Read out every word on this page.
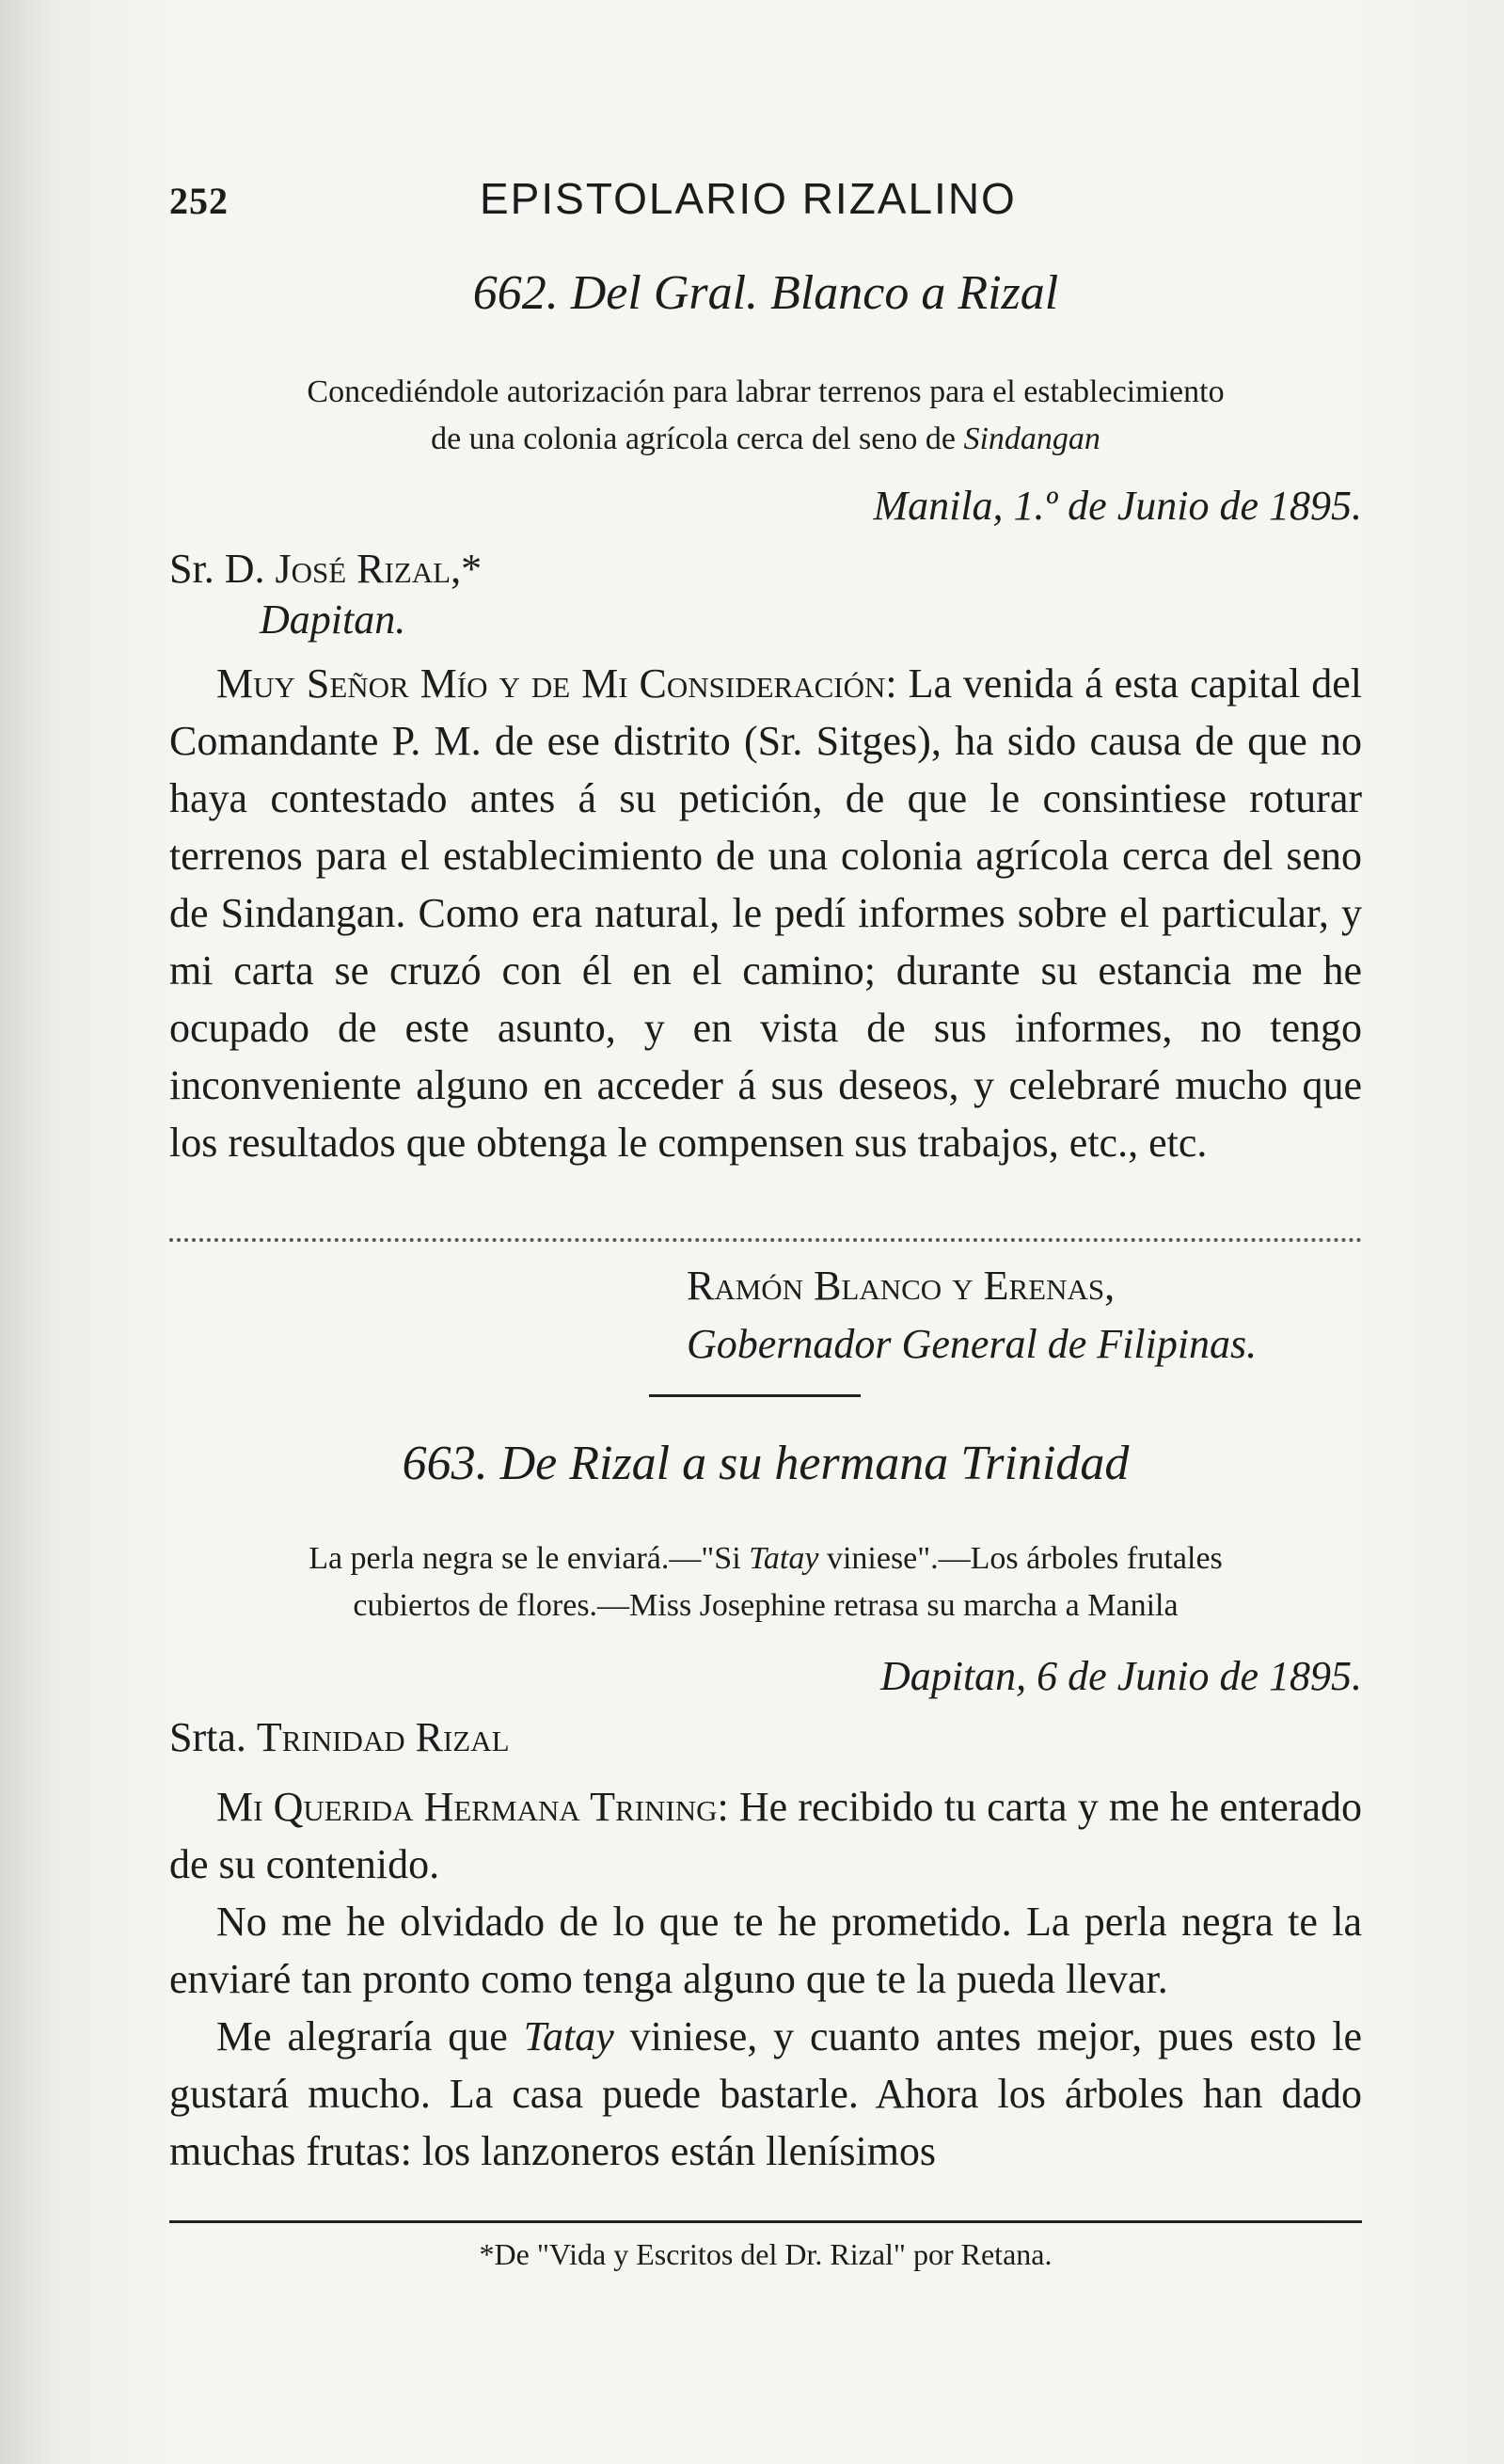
252	EPISTOLARIO RIZALINO
662. Del Gral. Blanco a Rizal
Concediéndole autorización para labrar terrenos para el establecimiento
de una colonia agrícola cerca del seno de Sindangan
Manila, 1.º de Junio de 1895.
Sr. D. José Rizal,*
Dapitan.

Muy Señor Mío y de Mi Consideración: La venida á esta capital del Comandante P. M. de ese distrito (Sr. Sitges), ha sido causa de que no haya contestado antes á su petición, de que le consintiese roturar terrenos para el establecimiento de una colonia agrícola cerca del seno de Sindangan. Como era natural, le pedí informes sobre el particular, y mi carta se cruzó con él en el camino; durante su estancia me he ocupado de este asunto, y en vista de sus informes, no tengo inconveniente alguno en acceder á sus deseos, y celebraré mucho que los resultados que obtenga le compensen sus trabajos, etc., etc.

Ramón Blanco y Erenas,
Gobernador General de Filipinas.
663. De Rizal a su hermana Trinidad
La perla negra se le enviará.—"Si Tatay viniese".—Los árboles frutales
cubiertos de flores.—Miss Josephine retrasa su marcha a Manila
Dapitan, 6 de Junio de 1895.
Srta. Trinidad Rizal

Mi Querida Hermana Trining: He recibido tu carta y me he enterado de su contenido.

No me he olvidado de lo que te he prometido. La perla negra te la enviaré tan pronto como tenga alguno que te la pueda llevar.

Me alegraría que Tatay viniese, y cuanto antes mejor, pues esto le gustará mucho. La casa puede bastarle. Ahora los árboles han dado muchas frutas: los lanzoneros están llenísimos

*De "Vida y Escritos del Dr. Rizal" por Retana.
